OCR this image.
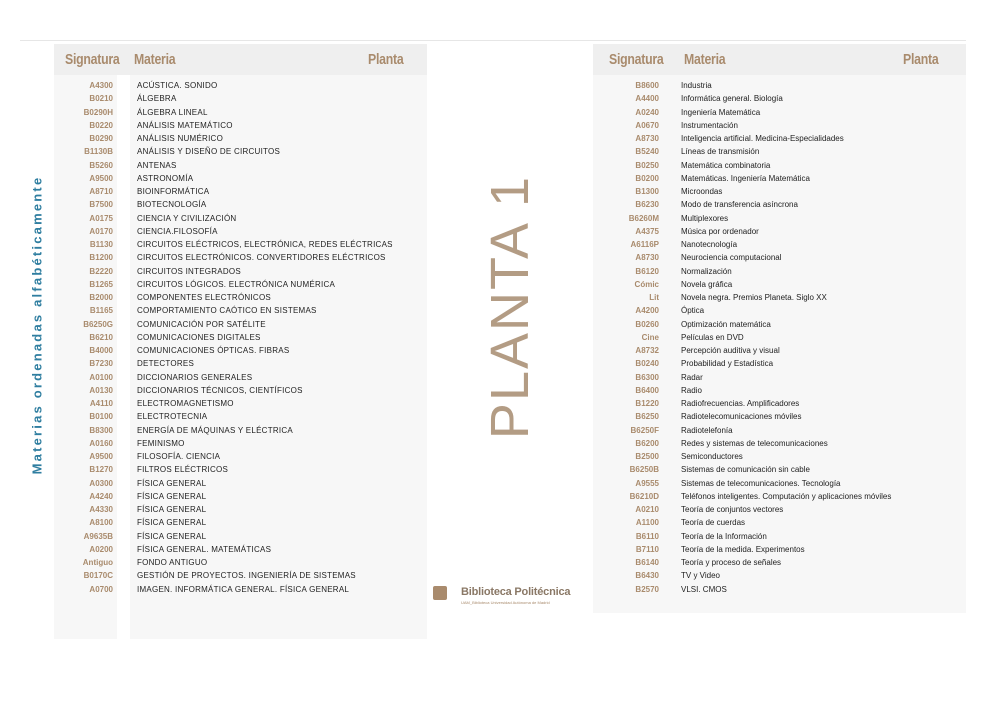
Materias ordenadas alfabéticamente
Signatura Materia	Planta
A4300
B0210
B0290H
B0220
B0290
B1130B
B5260
A9500
A8710
B7500
A0175
A0170
B1130
B1200
B2220
B1265
B2000
B1165
B6250G
B6210
B4000
B7230
A0100
A0130
A4110
B0100
B8300
A0160
A9500
B1270
A0300
A4240
A4330
A8100
A9635B
A0200
Antiguo
B0170C
A0700
ACÚSTICA. SONIDO
ÁLGEBRA
ÁLGEBRA LINEAL
ANÁLISIS MATEMÁTICO
ANÁLISIS NUMÉRICO
ANÁLISIS Y DISEÑO DE CIRCUITOS
ANTENAS
ASTRONOMÍA
BIOINFORMÁTICA
BIOTECNOLOGÍA
CIENCIA Y CIVILIZACIÓN
CIENCIA.FILOSOFÍA
CIRCUITOS ELÉCTRICOS, ELECTRÓNICA, REDES ELÉCTRICAS
CIRCUITOS ELECTRÓNICOS. CONVERTIDORES ELÉCTRICOS
CIRCUITOS INTEGRADOS
CIRCUITOS LÓGICOS. ELECTRÓNICA NUMÉRICA
COMPONENTES ELECTRÓNICOS
COMPORTAMIENTO CAÓTICO EN SISTEMAS
COMUNICACIÓN POR SATÉLITE
COMUNICACIONES DIGITALES
COMUNICACIONES ÓPTICAS. FIBRAS
DETECTORES
DICCIONARIOS GENERALES
DICCIONARIOS TÉCNICOS, CIENTÍFICOS
ELECTROMAGNETISMO
ELECTROTECNIA
ENERGÍA DE MÁQUINAS Y ELÉCTRICA
FEMINISMO
FILOSOFÍA. CIENCIA
FILTROS ELÉCTRICOS
FÍSICA GENERAL
FÍSICA GENERAL
FÍSICA GENERAL
FÍSICA GENERAL
FÍSICA GENERAL
FÍSICA GENERAL. MATEMÁTICAS
FONDO ANTIGUO
GESTIÓN DE PROYECTOS. INGENIERÍA DE SISTEMAS
IMAGEN. INFORMÁTICA GENERAL. FÍSICA GENERAL
PLANTA 1
Biblioteca Politécnica
UAM_Biblioteca Universidad Autónoma de Madrid
Signatura Materia	Planta
B8600
A4400
A0240
A0670
A8730
B5240
B0250
B0200
B1300
B6230
B6260M
A4375
A6116P
A8730
B6120
Cómic
Lit
A4200
B0260
Cine
A8732
B0240
B6300
B6400
B1220
B6250
B6250F
B6200
B2500
B6250B
A9555
B6210D
A0210
A1100
B6110
B7110
B6140
B6430
B2570
Industria
Informática general. Biología
Ingeniería Matemática
Instrumentación
Inteligencia artificial. Medicina-Especialidades
Líneas de transmisión
Matemática combinatoria
Matemáticas. Ingeniería Matemática
Microondas
Modo de transferencia asíncrona
Multiplexores
Música por ordenador
Nanotecnología
Neurociencia computacional
Normalización
Novela gráfica
Novela negra. Premios Planeta. Siglo XX
Óptica
Optimización matemática
Películas en DVD
Percepción auditiva y visual
Probabilidad y Estadística
Radar
Radio
Radiofrecuencias. Amplificadores
Radiotelecomunicaciones móviles
Radiotelefonía
Redes y sistemas de telecomunicaciones
Semiconductores
Sistemas de comunicación sin cable
Sistemas de telecomunicaciones. Tecnología
Teléfonos inteligentes. Computación y aplicaciones móviles
Teoría de conjuntos vectores
Teoría de cuerdas
Teoría de la Información
Teoría de la medida. Experimentos
Teoría y proceso de señales
TV y Video
VLSI. CMOS
